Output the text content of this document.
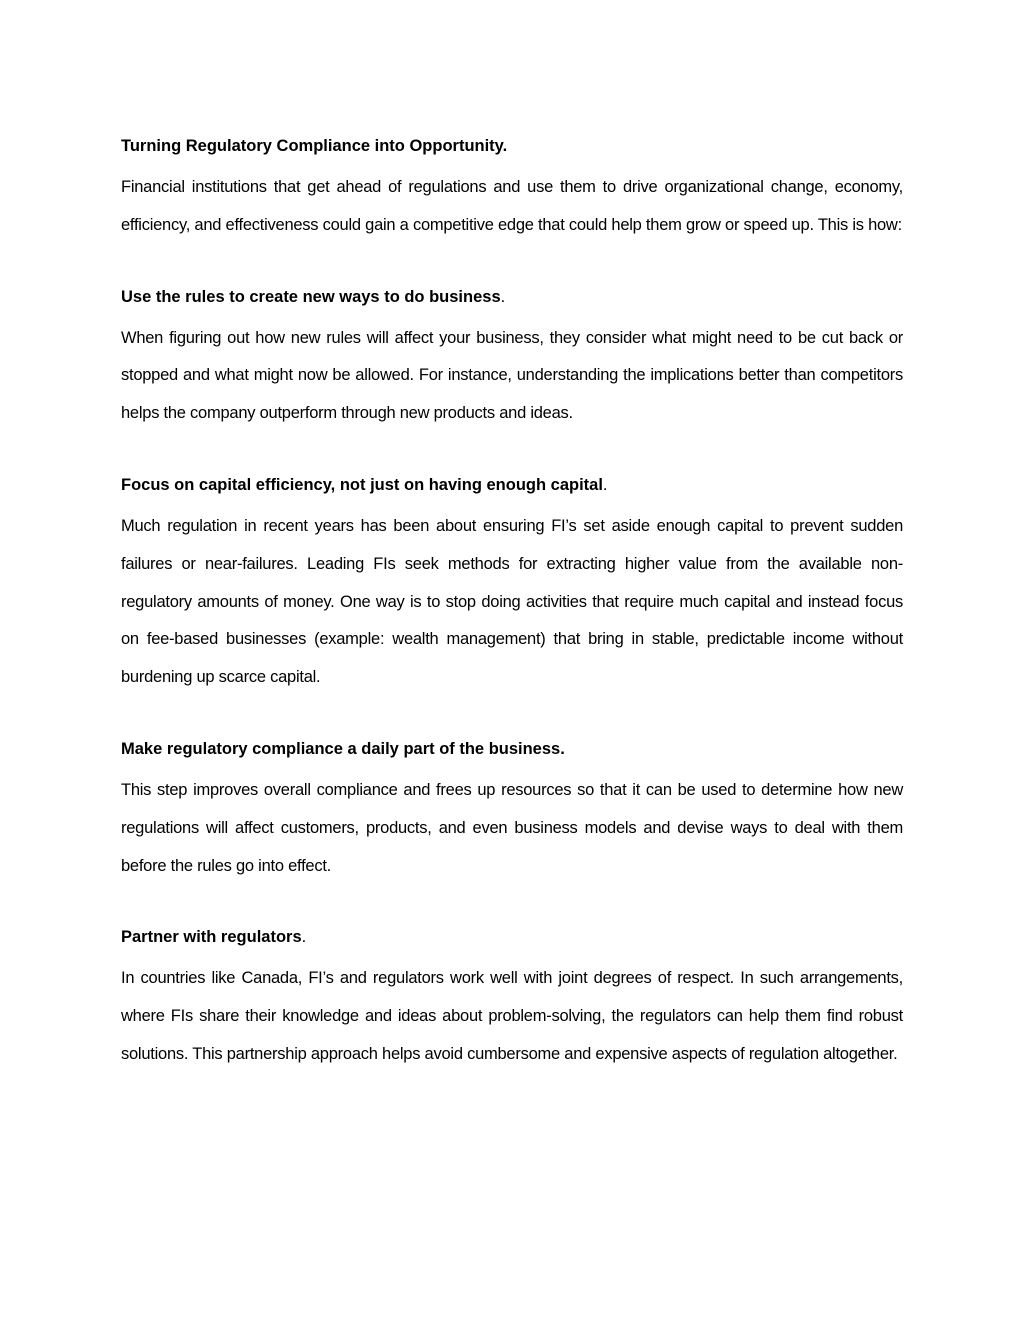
Turning Regulatory Compliance into Opportunity.

Financial institutions that get ahead of regulations and use them to drive organizational change, economy, efficiency, and effectiveness could gain a competitive edge that could help them grow or speed up. This is how:

Use the rules to create new ways to do business.

When figuring out how new rules will affect your business, they consider what might need to be cut back or stopped and what might now be allowed. For instance, understanding the implications better than competitors helps the company outperform through new products and ideas.

Focus on capital efficiency, not just on having enough capital.

Much regulation in recent years has been about ensuring FI’s set aside enough capital to prevent sudden failures or near-failures. Leading FIs seek methods for extracting higher value from the available non-regulatory amounts of money. One way is to stop doing activities that require much capital and instead focus on fee-based businesses (example: wealth management) that bring in stable, predictable income without burdening up scarce capital.

Make regulatory compliance a daily part of the business.

This step improves overall compliance and frees up resources so that it can be used to determine how new regulations will affect customers, products, and even business models and devise ways to deal with them before the rules go into effect.

Partner with regulators.

In countries like Canada, FI’s and regulators work well with joint degrees of respect. In such arrangements, where FIs share their knowledge and ideas about problem-solving, the regulators can help them find robust solutions. This partnership approach helps avoid cumbersome and expensive aspects of regulation altogether.
